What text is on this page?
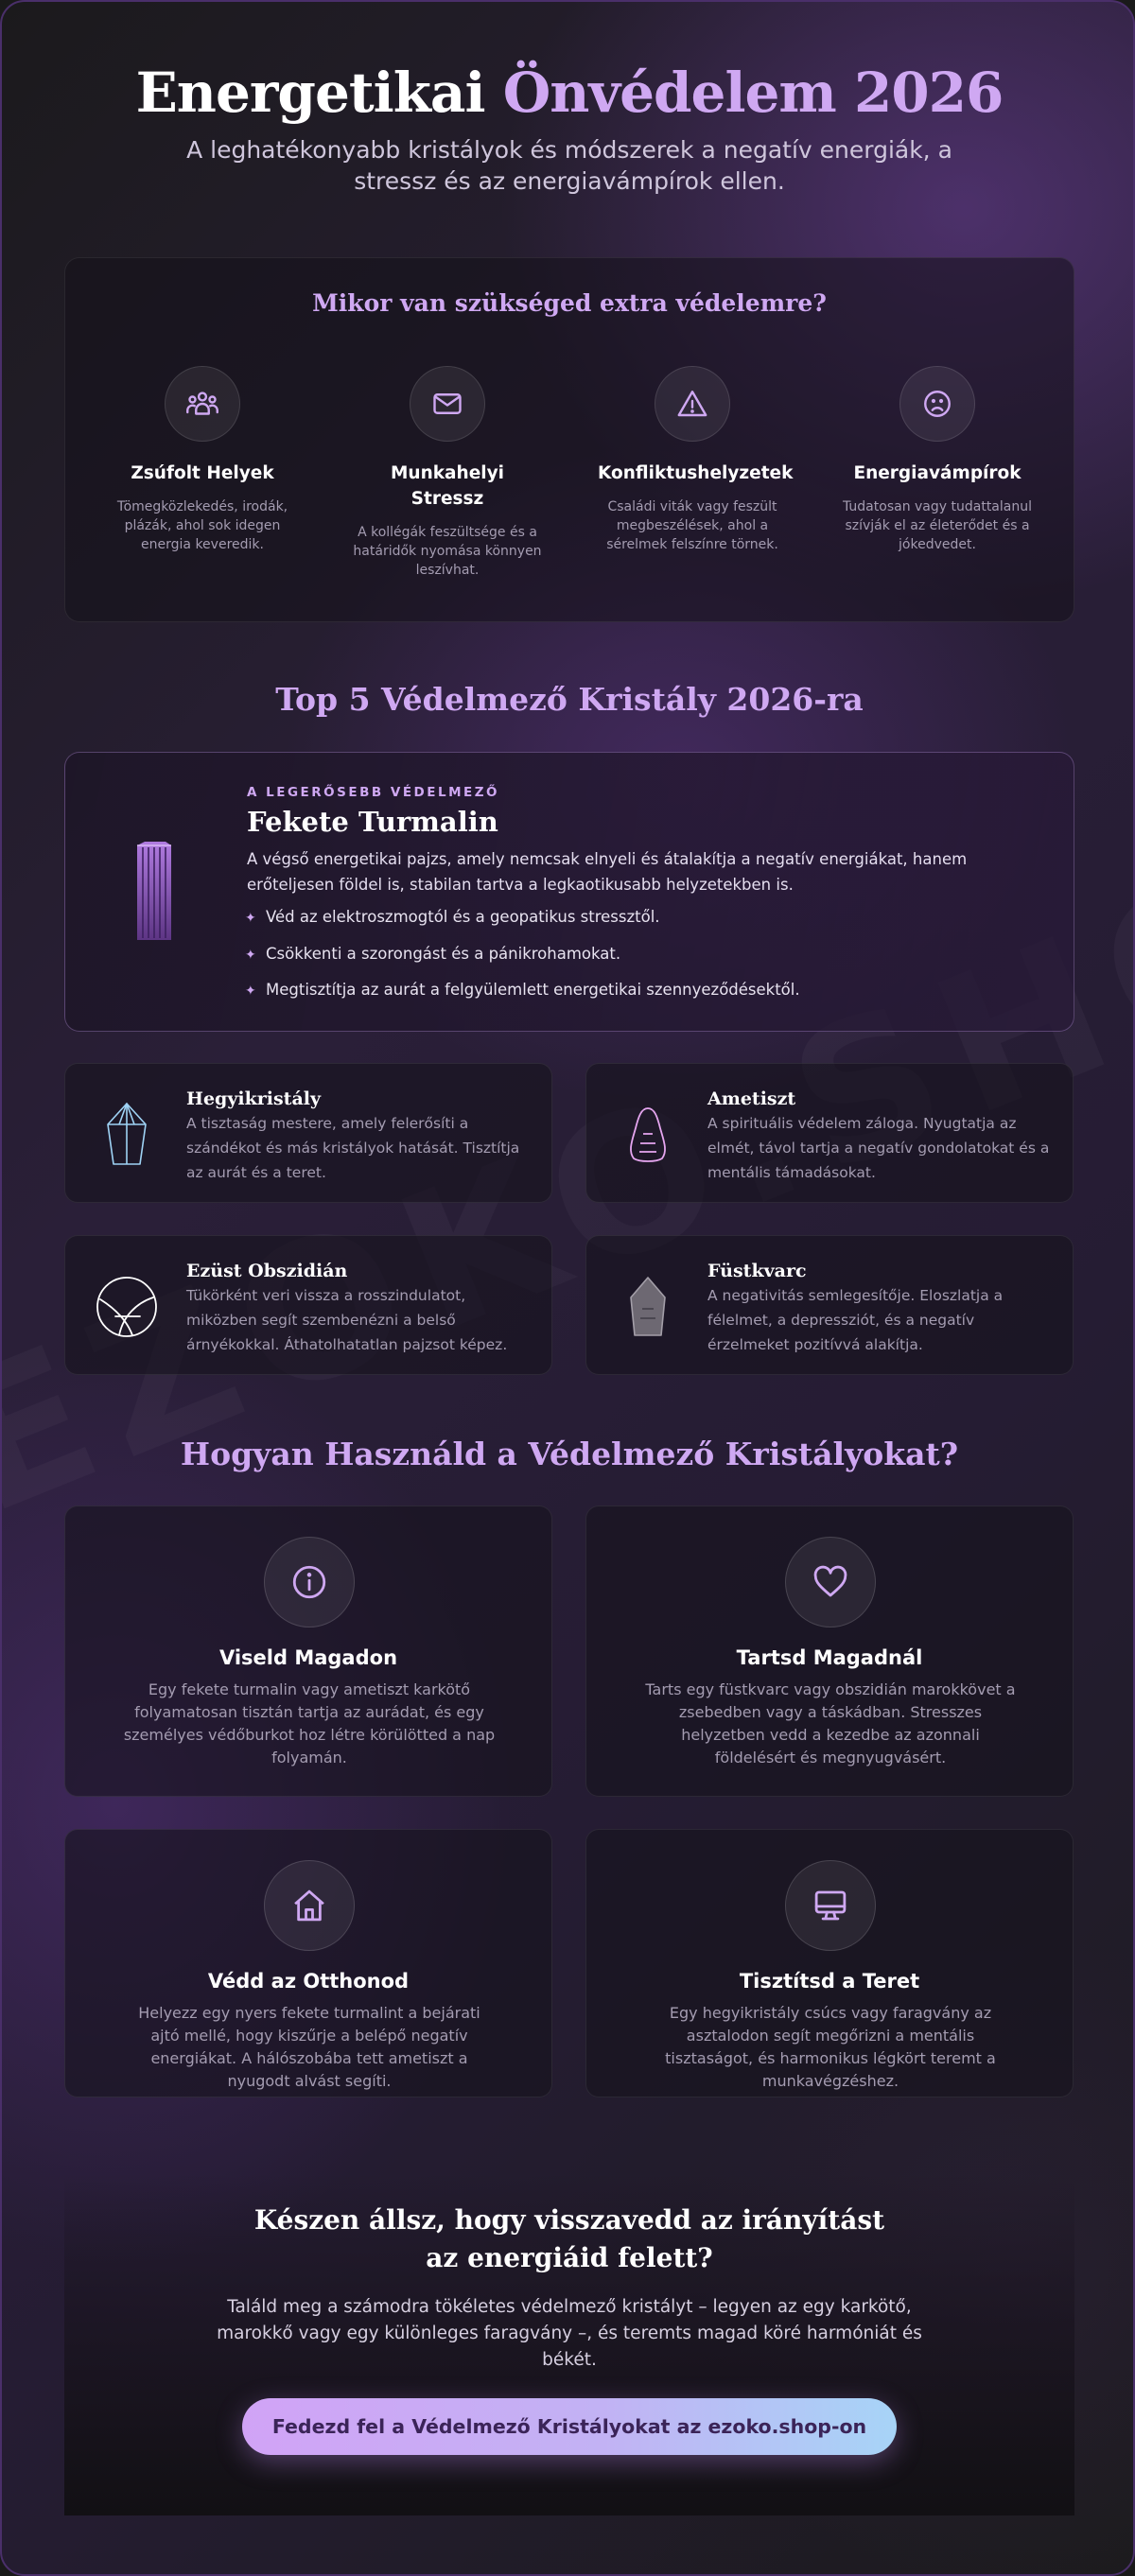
Energetikai Önvédelem 2026
A leghatékonyabb kristályok és módszerek a negatív energiák, a stressz és az energiavámpírok ellen.
Mikor van szükséged extra védelemre?
Zsúfolt Helyek
Tömegközlekedés, irodák, plázák, ahol sok idegen energia keveredik.
Munkahelyi Stressz
A kollégák feszültsége és a határidők nyomása könnyen leszívhat.
Konfliktushelyzetek
Családi viták vagy feszült megbeszélések, ahol a sérelmek felszínre törnek.
Energiavámpírok
Tudatosan vagy tudattalanul szívják el az életerődet és a jókedvedet.
Top 5 Védelmező Kristály 2026-ra
A LEGERŐSEBB VÉDELMEZŐ
Fekete Turmalin
A végső energetikai pajzs, amely nemcsak elnyeli és átalakítja a negatív energiákat, hanem erőteljesen földel is, stabilan tartva a legkaotikusabb helyzetekben is.
✦ Véd az elektroszmogtól és a geopatikus stressztől.
✦ Csökkenti a szorongást és a pánikrohamokat.
✦ Megtisztítja az aurát a felgyülemlett energetikai szennyeződésektől.
Hegyikristály
A tisztaság mestere, amely felerősíti a szándékot és más kristályok hatását. Tisztítja az aurát és a teret.
Ametiszt
A spirituális védelem záloga. Nyugtatja az elmét, távol tartja a negatív gondolatokat és a mentális támadásokat.
Ezüst Obszidián
Tükörként veri vissza a rosszindulatot, miközben segít szembenézni a belső árnyékokkal. Áthatolhatatlan pajzsot képez.
Füstkvarc
A negativitás semlegesítője. Eloszlatja a félelmet, a depressziót, és a negatív érzelmeket pozitívvá alakítja.
Hogyan Használd a Védelmező Kristályokat?
Viseld Magadon
Egy fekete turmalin vagy ametiszt karkötő folyamatosan tisztán tartja az aurádat, és egy személyes védőburkot hoz létre körülötted a nap folyamán.
Tartsd Magadnál
Tarts egy füstkvarc vagy obszidián marokkövet a zsebedben vagy a táskádban. Stresszes helyzetben vedd a kezedbe az azonnali földelésért és megnyugvásért.
Védd az Otthonod
Helyezz egy nyers fekete turmalint a bejárati ajtó mellé, hogy kiszűrje a belépő negatív energiákat. A hálószobába tett ametiszt a nyugodt alvást segíti.
Tisztítsd a Teret
Egy hegyikristály csúcs vagy faragvány az asztalodon segít megőrizni a mentális tisztaságot, és harmonikus légkört teremt a munkavégzéshez.
Készen állsz, hogy visszavedd az irányítást az energiáid felett?
Találd meg a számodra tökéletes védelmező kristályt – legyen az egy karkötő, marokkő vagy egy különleges faragvány –, és teremts magad köré harmóniát és békét.
Fedezd fel a Védelmező Kristályokat az ezoko.shop-on
